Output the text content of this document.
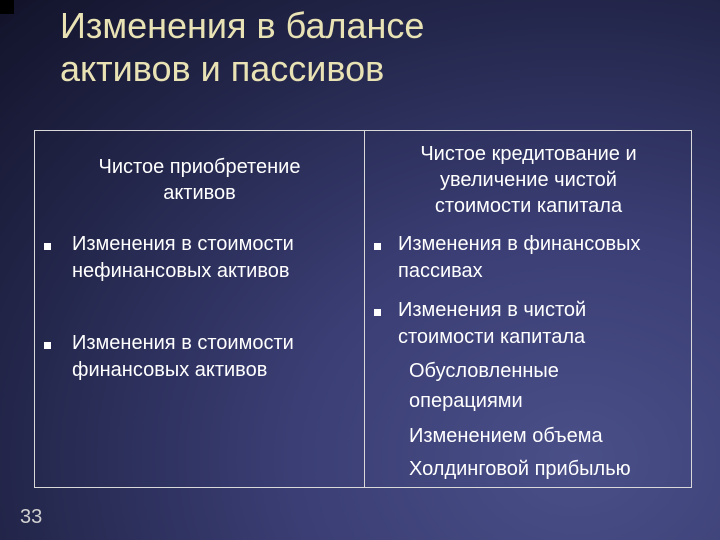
Изменения в балансе
активов и пассивов
Чистое приобретение
активов
Чистое кредитование и
увеличение чистой
стоимости капитала
Изменения в стоимости
нефинансовых активов
Изменения в стоимости
финансовых активов
Изменения в финансовых
пассивах
Изменения в чистой
стоимости капитала
Обусловленные
операциями
Изменением объема
Холдинговой прибылью
33
